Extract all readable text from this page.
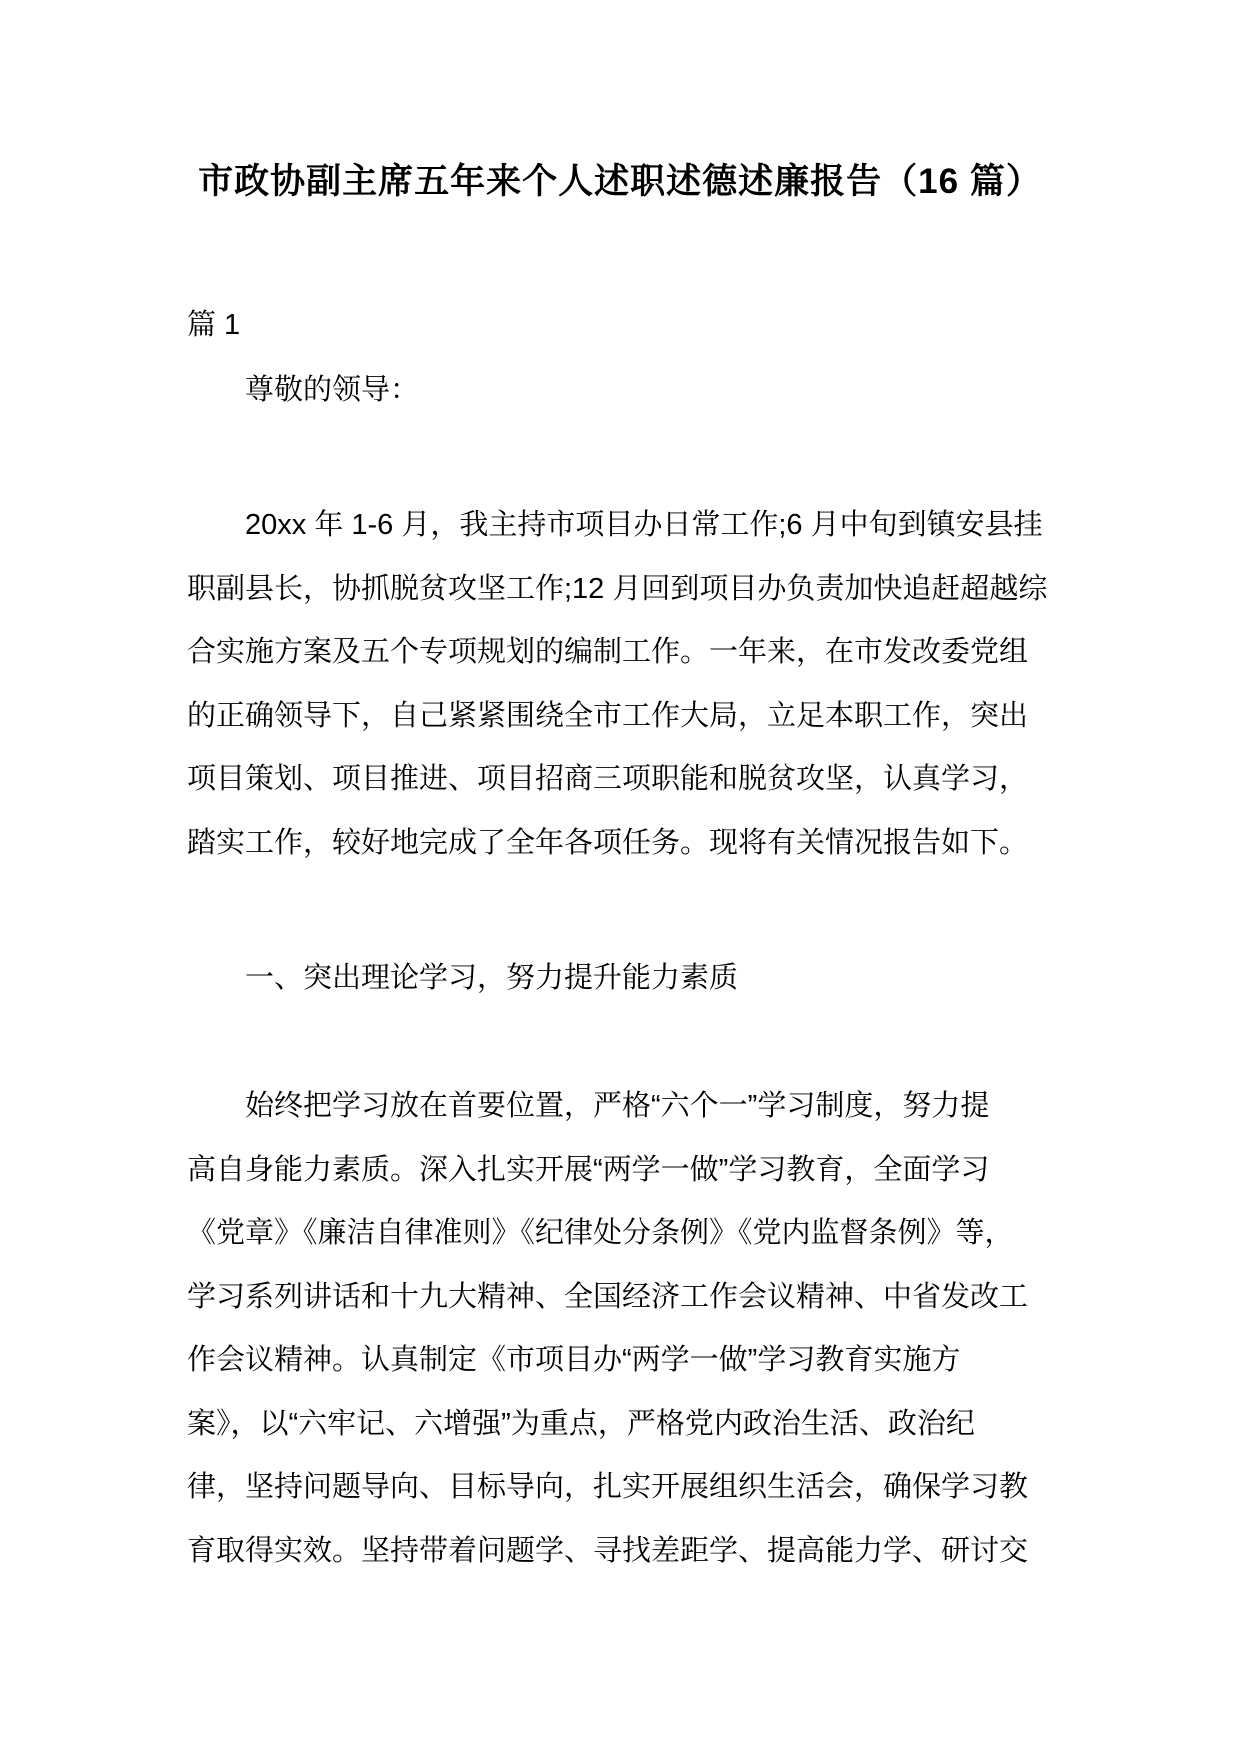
市政协副主席五年来个人述职述德述廉报告（16 篇）
篇 1
尊敬的领导：
20xx 年 1-6 月，我主持市项目办日常工作;6 月中旬到镇安县挂
职副县长，协抓脱贫攻坚工作;12 月回到项目办负责加快追赶超越综
合实施方案及五个专项规划的编制工作。一年来，在市发改委党组
的正确领导下，自己紧紧围绕全市工作大局，立足本职工作，突出
项目策划、项目推进、项目招商三项职能和脱贫攻坚，认真学习，
踏实工作，较好地完成了全年各项任务。现将有关情况报告如下。
一、突出理论学习，努力提升能力素质
始终把学习放在首要位置，严格“六个一”学习制度，努力提
高自身能力素质。深入扎实开展“两学一做”学习教育，全面学习
《党章》《廉洁自律准则》《纪律处分条例》《党内监督条例》等，
学习系列讲话和十九大精神、全国经济工作会议精神、中省发改工
作会议精神。认真制定《市项目办“两学一做”学习教育实施方
案》，以“六牢记、六增强”为重点，严格党内政治生活、政治纪
律，坚持问题导向、目标导向，扎实开展组织生活会，确保学习教
育取得实效。坚持带着问题学、寻找差距学、提高能力学、研讨交
